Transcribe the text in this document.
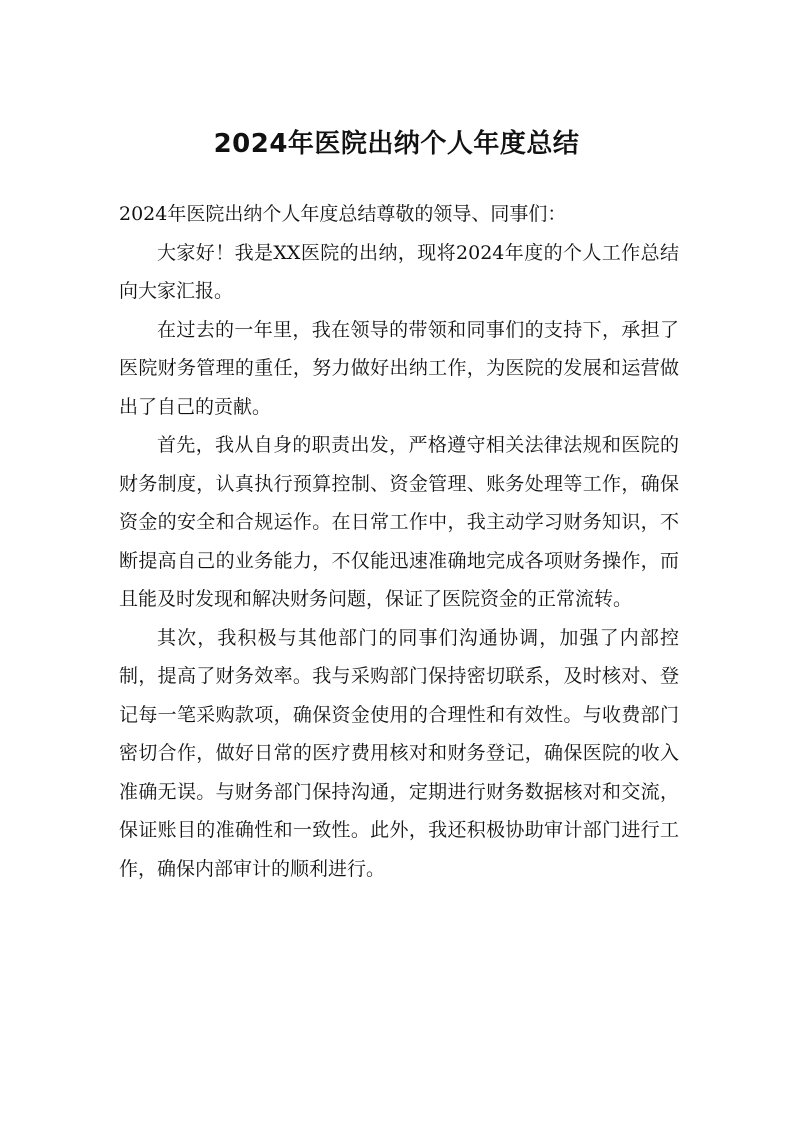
2024年医院出纳个人年度总结

2024年医院出纳个人年度总结尊敬的领导、同事们：

大家好！我是XX医院的出纳，现将2024年度的个人工作总结向大家汇报。

在过去的一年里，我在领导的带领和同事们的支持下，承担了医院财务管理的重任，努力做好出纳工作，为医院的发展和运营做出了自己的贡献。

首先，我从自身的职责出发，严格遵守相关法律法规和医院的财务制度，认真执行预算控制、资金管理、账务处理等工作，确保资金的安全和合规运作。在日常工作中，我主动学习财务知识，不断提高自己的业务能力，不仅能迅速准确地完成各项财务操作，而且能及时发现和解决财务问题，保证了医院资金的正常流转。

其次，我积极与其他部门的同事们沟通协调，加强了内部控制，提高了财务效率。我与采购部门保持密切联系，及时核对、登记每一笔采购款项，确保资金使用的合理性和有效性。与收费部门密切合作，做好日常的医疗费用核对和财务登记，确保医院的收入准确无误。与财务部门保持沟通，定期进行财务数据核对和交流，保证账目的准确性和一致性。此外，我还积极协助审计部门进行工作，确保内部审计的顺利进行。
